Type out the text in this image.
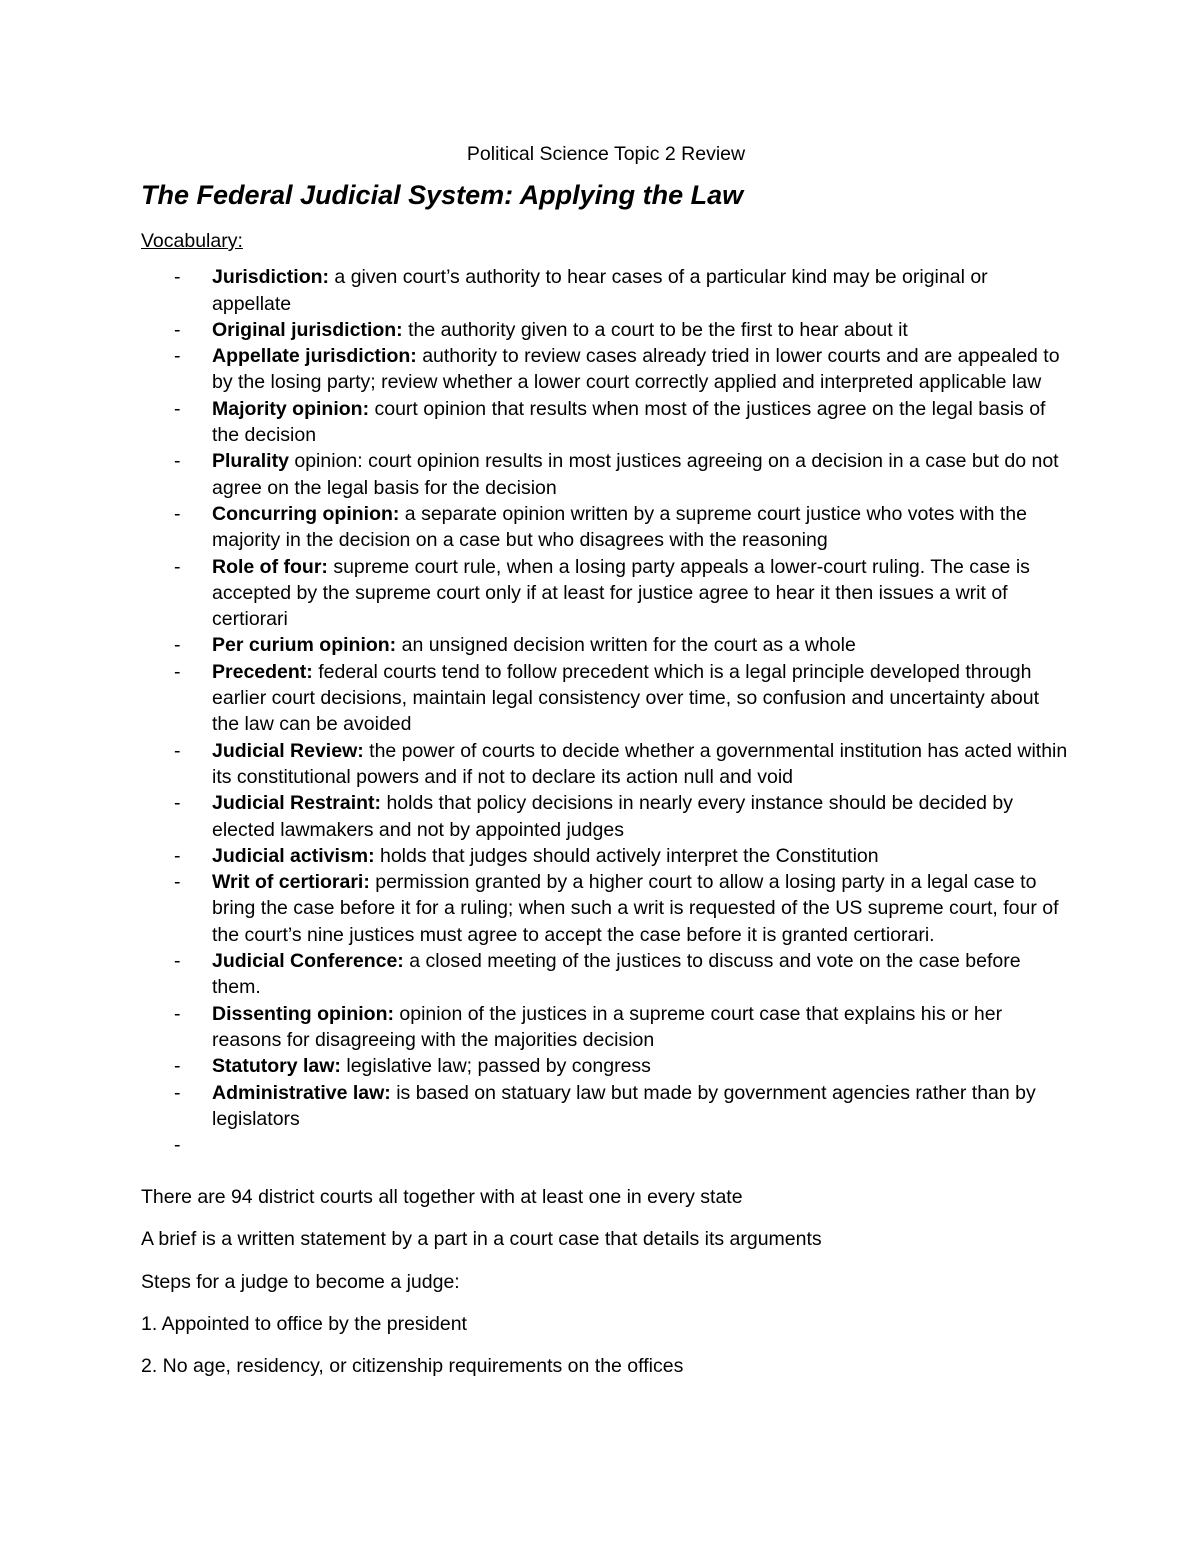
Political Science Topic 2 Review
The Federal Judicial System: Applying the Law
Vocabulary:
- Jurisdiction: a given court’s authority to hear cases of a particular kind may be original or appellate
- Original jurisdiction: the authority given to a court to be the first to hear about it
- Appellate jurisdiction: authority to review cases already tried in lower courts and are appealed to by the losing party; review whether a lower court correctly applied and interpreted applicable law
- Majority opinion: court opinion that results when most of the justices agree on the legal basis of the decision
- Plurality opinion: court opinion results in most justices agreeing on a decision in a case but do not agree on the legal basis for the decision
- Concurring opinion: a separate opinion written by a supreme court justice who votes with the majority in the decision on a case but who disagrees with the reasoning
- Role of four: supreme court rule, when a losing party appeals a lower-court ruling. The case is accepted by the supreme court only if at least for justice agree to hear it then issues a writ of certiorari
- Per curium opinion: an unsigned decision written for the court as a whole
- Precedent: federal courts tend to follow precedent which is a legal principle developed through earlier court decisions, maintain legal consistency over time, so confusion and uncertainty about the law can be avoided
- Judicial Review: the power of courts to decide whether a governmental institution has acted within its constitutional powers and if not to declare its action null and void
- Judicial Restraint: holds that policy decisions in nearly every instance should be decided by elected lawmakers and not by appointed judges
- Judicial activism: holds that judges should actively interpret the Constitution
- Writ of certiorari: permission granted by a higher court to allow a losing party in a legal case to bring the case before it for a ruling; when such a writ is requested of the US supreme court, four of the court’s nine justices must agree to accept the case before it is granted certiorari.
- Judicial Conference: a closed meeting of the justices to discuss and vote on the case before them.
- Dissenting opinion: opinion of the justices in a supreme court case that explains his or her reasons for disagreeing with the majorities decision
- Statutory law: legislative law; passed by congress
- Administrative law: is based on statuary law but made by government agencies rather than by legislators
-

There are 94 district courts all together with at least one in every state

A brief is a written statement by a part in a court case that details its arguments

Steps for a judge to become a judge:

1. Appointed to office by the president

2. No age, residency, or citizenship requirements on the offices
